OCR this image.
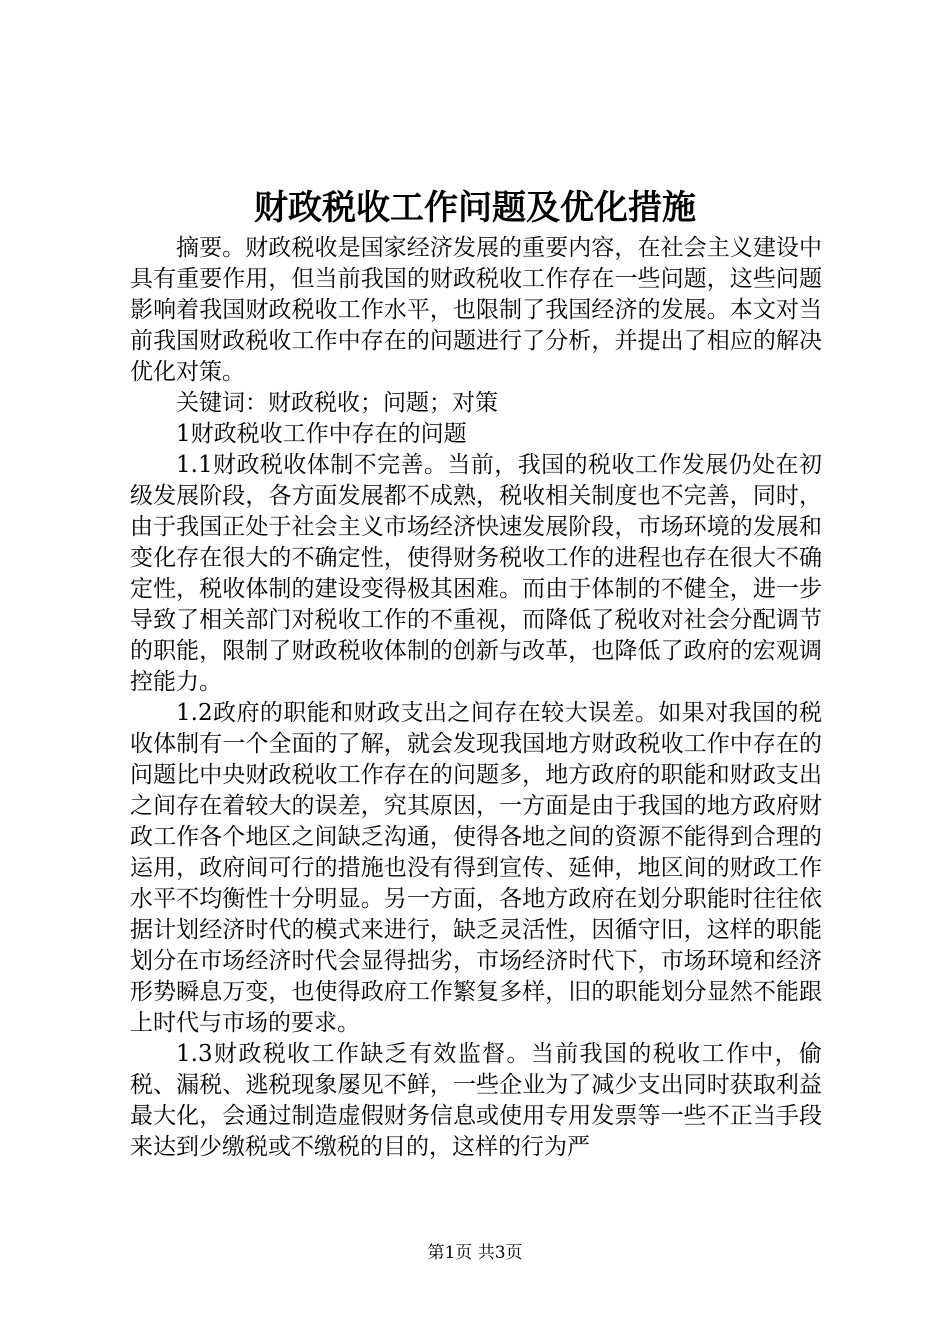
财政税收工作问题及优化措施

摘要。财政税收是国家经济发展的重要内容，在社会主义建设中具有重要作用，但当前我国的财政税收工作存在一些问题，这些问题影响着我国财政税收工作水平，也限制了我国经济的发展。本文对当前我国财政税收工作中存在的问题进行了分析，并提出了相应的解决优化对策。

关键词：财政税收；问题；对策

1财政税收工作中存在的问题

1.1财政税收体制不完善。当前，我国的税收工作发展仍处在初级发展阶段，各方面发展都不成熟，税收相关制度也不完善，同时，由于我国正处于社会主义市场经济快速发展阶段，市场环境的发展和变化存在很大的不确定性，使得财务税收工作的进程也存在很大不确定性，税收体制的建设变得极其困难。而由于体制的不健全，进一步导致了相关部门对税收工作的不重视，而降低了税收对社会分配调节的职能，限制了财政税收体制的创新与改革，也降低了政府的宏观调控能力。

1.2政府的职能和财政支出之间存在较大误差。如果对我国的税收体制有一个全面的了解，就会发现我国地方财政税收工作中存在的问题比中央财政税收工作存在的问题多，地方政府的职能和财政支出之间存在着较大的误差，究其原因，一方面是由于我国的地方政府财政工作各个地区之间缺乏沟通，使得各地之间的资源不能得到合理的运用，政府间可行的措施也没有得到宣传、延伸，地区间的财政工作水平不均衡性十分明显。另一方面，各地方政府在划分职能时往往依据计划经济时代的模式来进行，缺乏灵活性，因循守旧，这样的职能划分在市场经济时代会显得拙劣，市场经济时代下，市场环境和经济形势瞬息万变，也使得政府工作繁复多样，旧的职能划分显然不能跟上时代与市场的要求。

1.3财政税收工作缺乏有效监督。当前我国的税收工作中，偷税、漏税、逃税现象屡见不鲜，一些企业为了减少支出同时获取利益最大化，会通过制造虚假财务信息或使用专用发票等一些不正当手段来达到少缴税或不缴税的目的，这样的行为严

第1页 共3页
